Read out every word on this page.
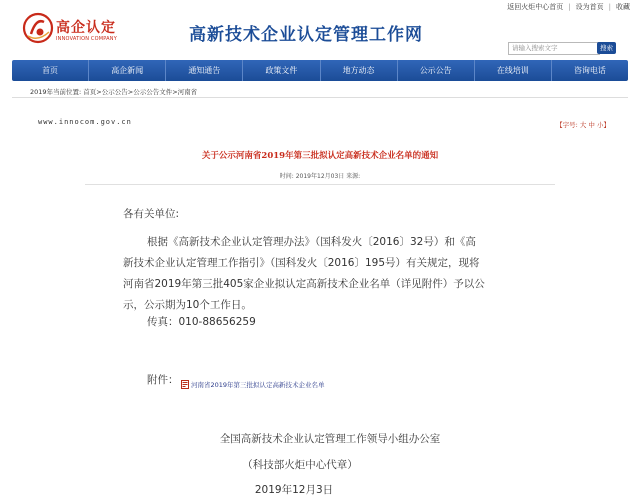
返回火炬中心首页 | 设为首页 | 收藏
高企认定
INNOVATION COMPANY	高新技术企业认定管理工作网
请输入搜索文字	搜索
首页	高企新闻	通知通告	政策文件	地方动态	公示公告	在线培训	咨询电话
2019年当前位置: 首页>公示公告>公示公告文件>河南省
www.innocom.gov.cn	【字号: 大 中 小】
关于公示河南省2019年第三批拟认定高新技术企业名单的通知
时间: 2019年12月03日 来源:
各有关单位:
根据《高新技术企业认定管理办法》（国科发火〔2016〕32号）和《高
新技术企业认定管理工作指引》（国科发火〔2016〕195号）有关规定，现将
河南省2019年第三批405家企业拟认定高新技术企业名单（详见附件）予以公
示，公示期为10个工作日。
传真：010-88656259
附件： 河南省2019年第三批拟认定高新技术企业名单
全国高新技术企业认定管理工作领导小组办公室
（科技部火炬中心代章）
2019年12月3日
